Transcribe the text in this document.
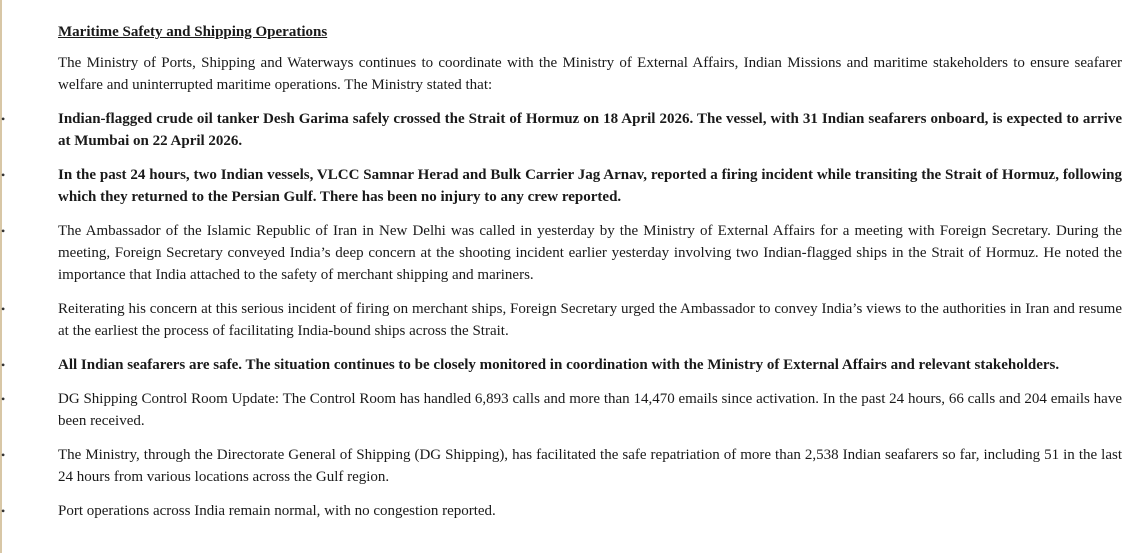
Maritime Safety and Shipping Operations

The Ministry of Ports, Shipping and Waterways continues to coordinate with the Ministry of External Affairs, Indian Missions and maritime stakeholders to ensure seafarer welfare and uninterrupted maritime operations. The Ministry stated that:

•	Indian-flagged crude oil tanker Desh Garima safely crossed the Strait of Hormuz on 18 April 2026. The vessel, with 31 Indian seafarers onboard, is expected to arrive at Mumbai on 22 April 2026.
•	In the past 24 hours, two Indian vessels, VLCC Samnar Herad and Bulk Carrier Jag Arnav, reported a firing incident while transiting the Strait of Hormuz, following which they returned to the Persian Gulf. There has been no injury to any crew reported.
•	The Ambassador of the Islamic Republic of Iran in New Delhi was called in yesterday by the Ministry of External Affairs for a meeting with Foreign Secretary. During the meeting, Foreign Secretary conveyed India’s deep concern at the shooting incident earlier yesterday involving two Indian-flagged ships in the Strait of Hormuz. He noted the importance that India attached to the safety of merchant shipping and mariners.
•	Reiterating his concern at this serious incident of firing on merchant ships, Foreign Secretary urged the Ambassador to convey India’s views to the authorities in Iran and resume at the earliest the process of facilitating India-bound ships across the Strait.
•	All Indian seafarers are safe. The situation continues to be closely monitored in coordination with the Ministry of External Affairs and relevant stakeholders.
•	DG Shipping Control Room Update: The Control Room has handled 6,893 calls and more than 14,470 emails since activation. In the past 24 hours, 66 calls and 204 emails have been received.
•	The Ministry, through the Directorate General of Shipping (DG Shipping), has facilitated the safe repatriation of more than 2,538 Indian seafarers so far, including 51 in the last 24 hours from various locations across the Gulf region.
•	Port operations across India remain normal, with no congestion reported.
